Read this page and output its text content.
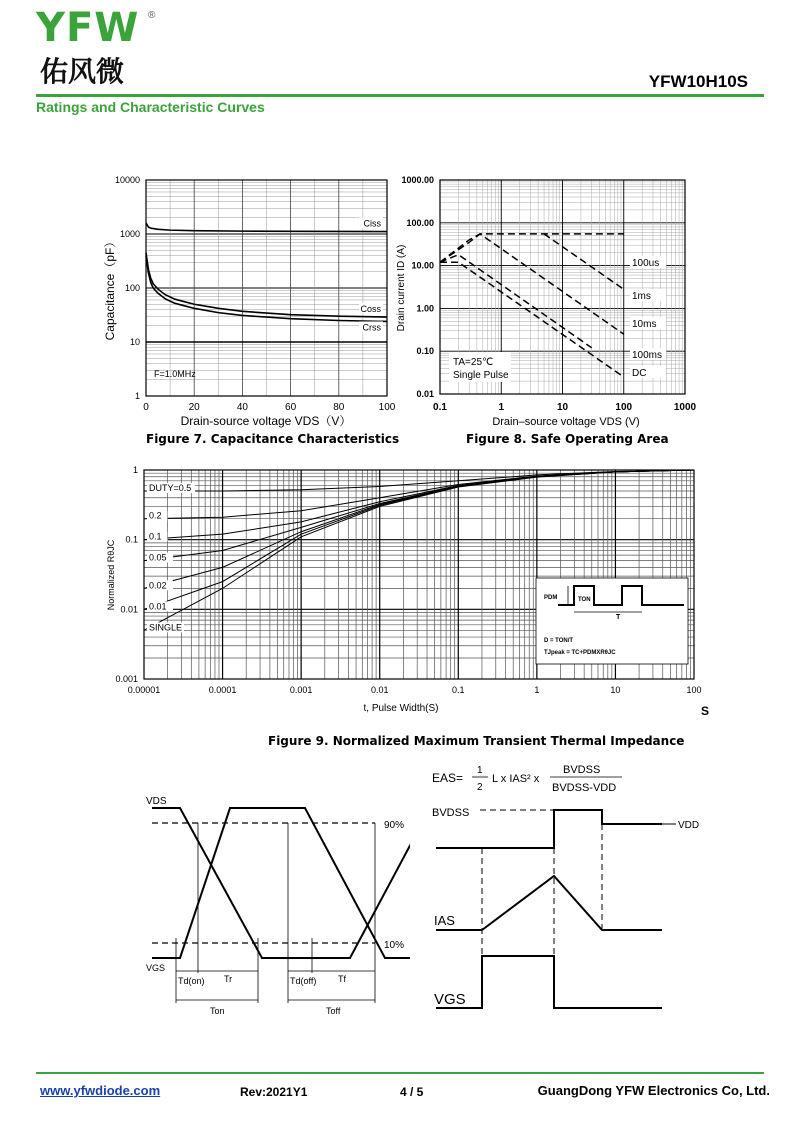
YFW ®
佑风微	YFW10H10S
Ratings and Characteristic Curves
1
10
100
1000
10000
0	20	40	60	80	100
Capacitance（pF）
Drain-source voltage VDS（V）
F=1.0MHz
Ciss
Coss
Crss
Figure 7. Capacitance Characteristics
0.01
0.10
1.00
10.00
100.00
1000.00
0.1	1	10	100	1000
Drain current ID (A)
Drain–source voltage VDS (V)
TA=25℃
Single Pulse
100us
1ms
10ms
100ms
DC
Figure 8. Safe Operating Area
0.001
0.01
0.1
1
0.00001	0.0001	0.001	0.01	0.1	1	10	100
Normalized RθJC
t, Pulse Width(S)	S
DUTY=0.5
0.2
0.1
0.05
0.02
0.01
SINGLE
PDM	TON
T
D = TON/T
TJpeak = TC+PDMXRθJC
Figure 9. Normalized Maximum Transient Thermal Impedance
VDS
VGS
90%
10%
Td(on) Tr	Td(off) Tf
Ton	Toff
EAS=
1
2
L x IAS² x
BVDSS
BVDSS-VDD
BVDSS
VDD
IAS
VGS
www.yfwdiode.com	Rev:2021Y1	4 / 5	GuangDong YFW Electronics Co, Ltd.
